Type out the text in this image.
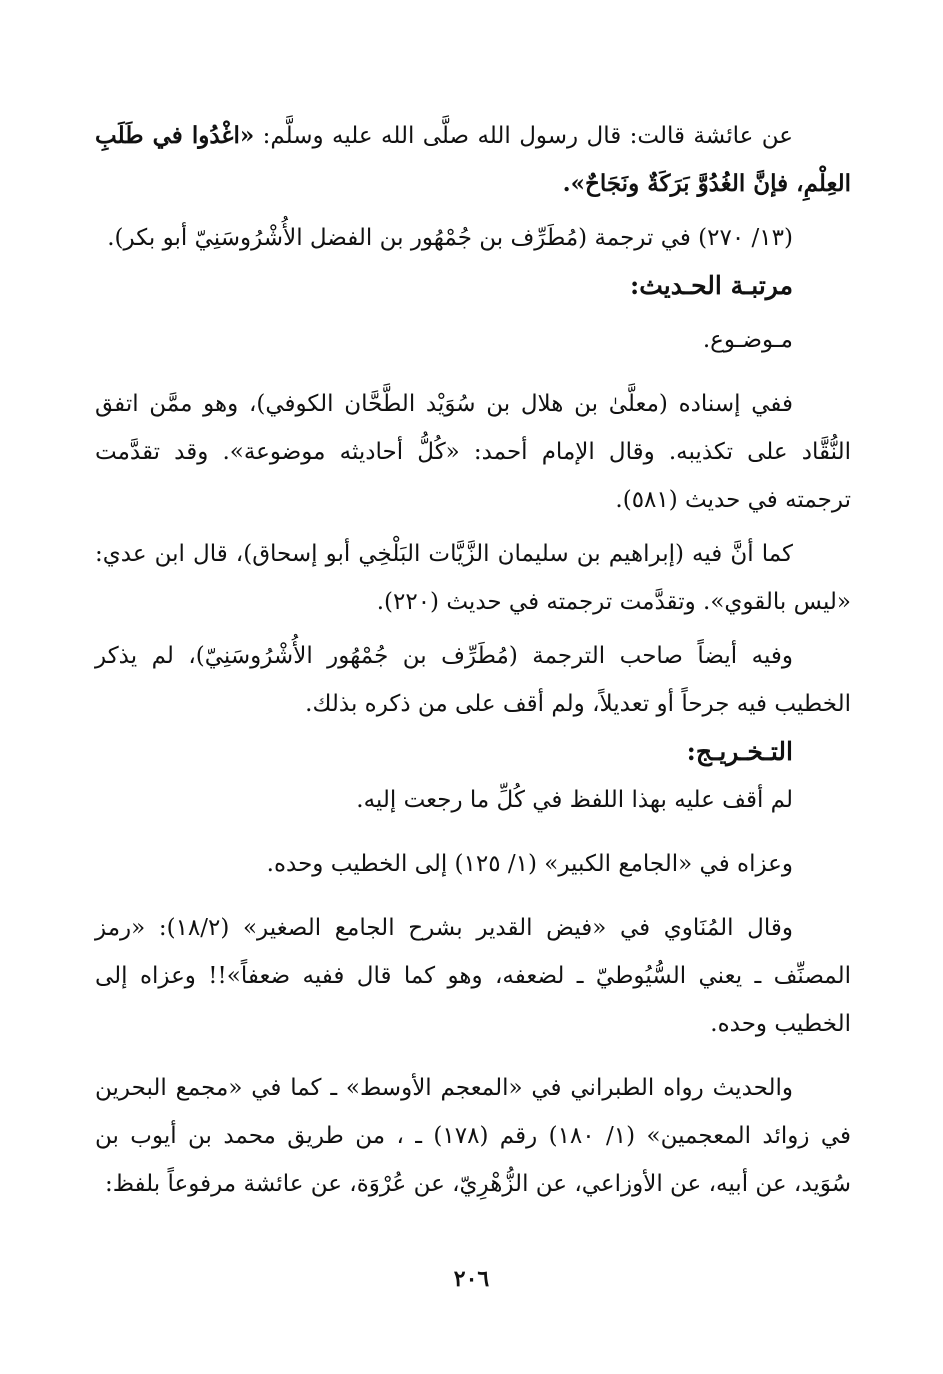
عن عائشة قالت: قال رسول الله صلَّى الله عليه وسلَّم: «اغْدُوا في طَلَبِ العِلْمِ، فإنَّ الغُدُوَّ بَرَكَةٌ ونَجَاحٌ».

(١٣/ ٢٧٠) في ترجمة (مُطَرِّف بن جُمْهُور بن الفضل الأُشْرُوسَنِيّ أبو بكر).

مرتبـة الحـديث:

مـوضـوع.

ففي إسناده (معلَّىٰ بن هلال بن سُوَيْد الطَّحَّان الكوفي)، وهو ممَّن اتفق النُّقَّاد على تكذيبه. وقال الإمام أحمد: «كُلُّ أحاديثه موضوعة». وقد تقدَّمت ترجمته في حديث (٥٨١).

كما أنَّ فيه (إبراهيم بن سليمان الزَّيَّات البَلْخِي أبو إسحاق)، قال ابن عدي: «ليس بالقوي». وتقدَّمت ترجمته في حديث (٢٢٠).

وفيه أيضاً صاحب الترجمة (مُطَرِّف بن جُمْهُور الأُشْرُوسَنِيّ)، لم يذكر الخطيب فيه جرحاً أو تعديلاً، ولم أقف على من ذكره بذلك.

التـخـريـج:

لم أقف عليه بهذا اللفظ في كُلِّ ما رجعت إليه.

وعزاه في «الجامع الكبير» (١/ ١٢٥) إلى الخطيب وحده.

وقال المُنَاوي في «فيض القدير بشرح الجامع الصغير» (١٨/٢): «رمز المصنِّف ـ يعني السُّيُوطيّ ـ لضعفه، وهو كما قال ففيه ضعفاً»!! وعزاه إلى الخطيب وحده.

والحديث رواه الطبراني في «المعجم الأوسط» ـ كما في «مجمع البحرين في زوائد المعجمين» (١/ ١٨٠) رقم (١٧٨) ـ ، من طريق محمد بن أيوب بن سُوَيد، عن أبيه، عن الأوزاعي، عن الزُّهْرِيّ، عن عُرْوَة، عن عائشة مرفوعاً بلفظ:

٢٠٦
